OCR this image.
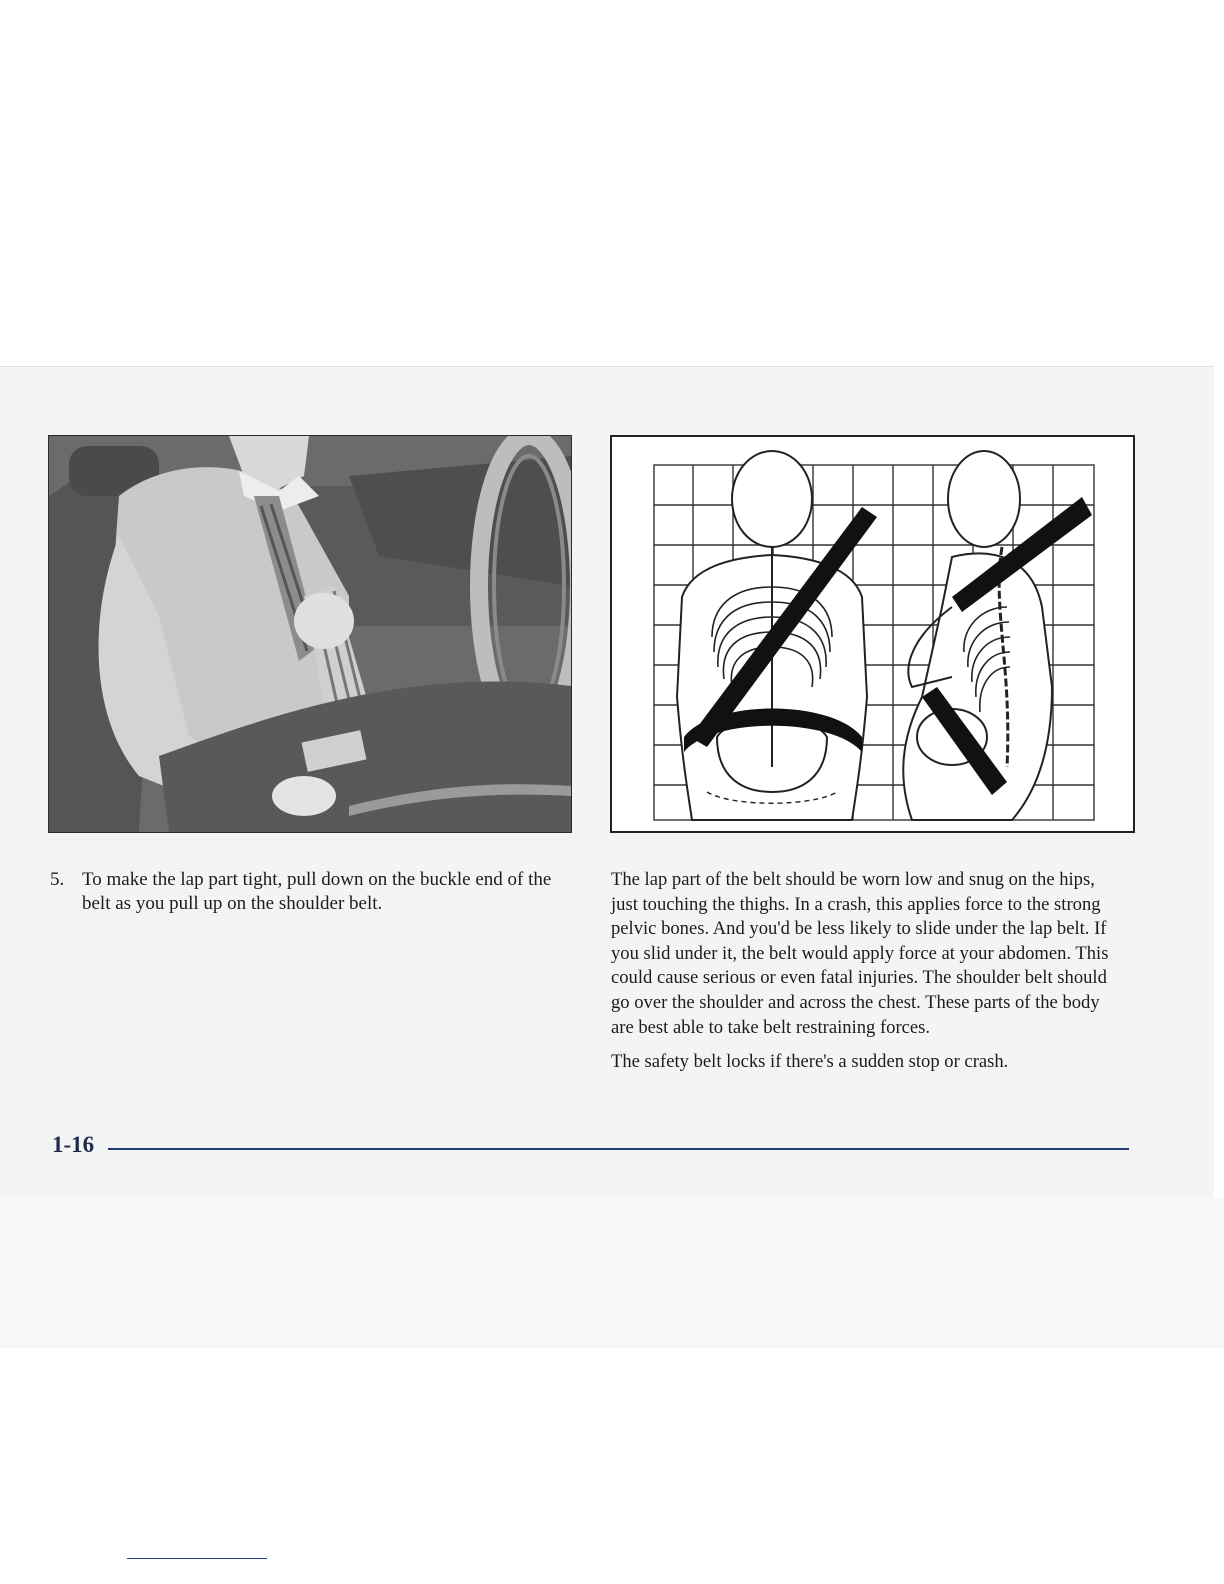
5. To make the lap part tight, pull down on the buckle end of the belt as you pull up on the shoulder belt.

The lap part of the belt should be worn low and snug on the hips, just touching the thighs. In a crash, this applies force to the strong pelvic bones. And you'd be less likely to slide under the lap belt. If you slid under it, the belt would apply force at your abdomen. This could cause serious or even fatal injuries. The shoulder belt should go over the shoulder and across the chest. These parts of the body are best able to take belt restraining forces.

The safety belt locks if there's a sudden stop or crash.

1-16
